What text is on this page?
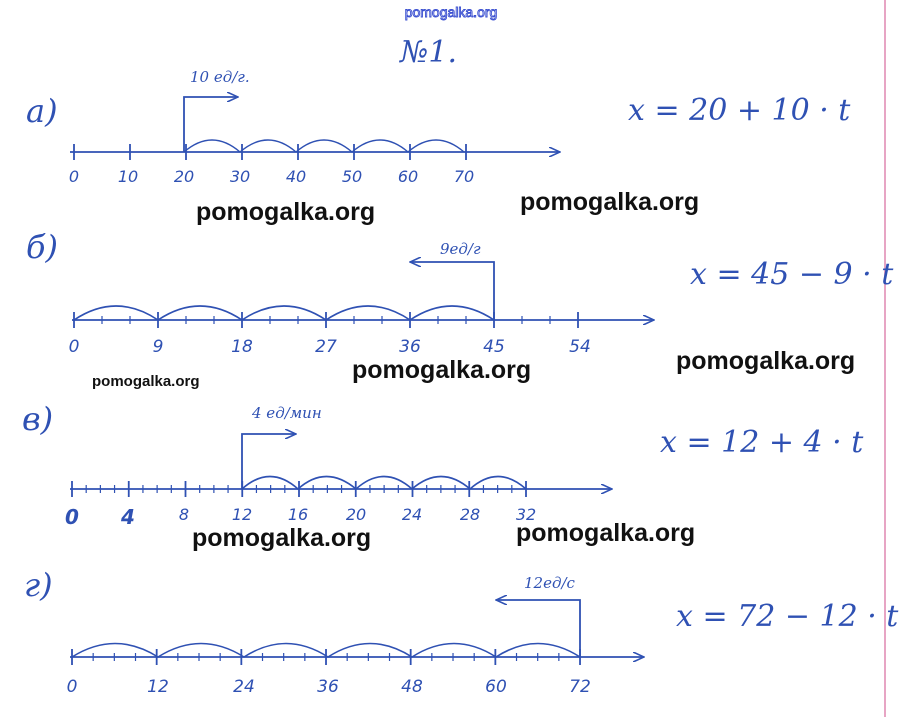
pomogalka.org
№1.
а)
0 10 20 30 40 50 60 70
10 ед/г.
x = 20 + 10 · t
б)
0	9	18	27	36	45	54
9ед/г
x = 45 − 9 · t
в)
0 4	8	12 16 20 24 28 32
4 ед/мин
x = 12 + 4 · t
г)
0	12	24	36	48	60	72
12ед/с
x = 72 − 12 · t
pomogalka.org	pomogalka.org
pomogalka.org
pomogalka.org	pomogalka.org
pomogalka.org	pomogalka.org
